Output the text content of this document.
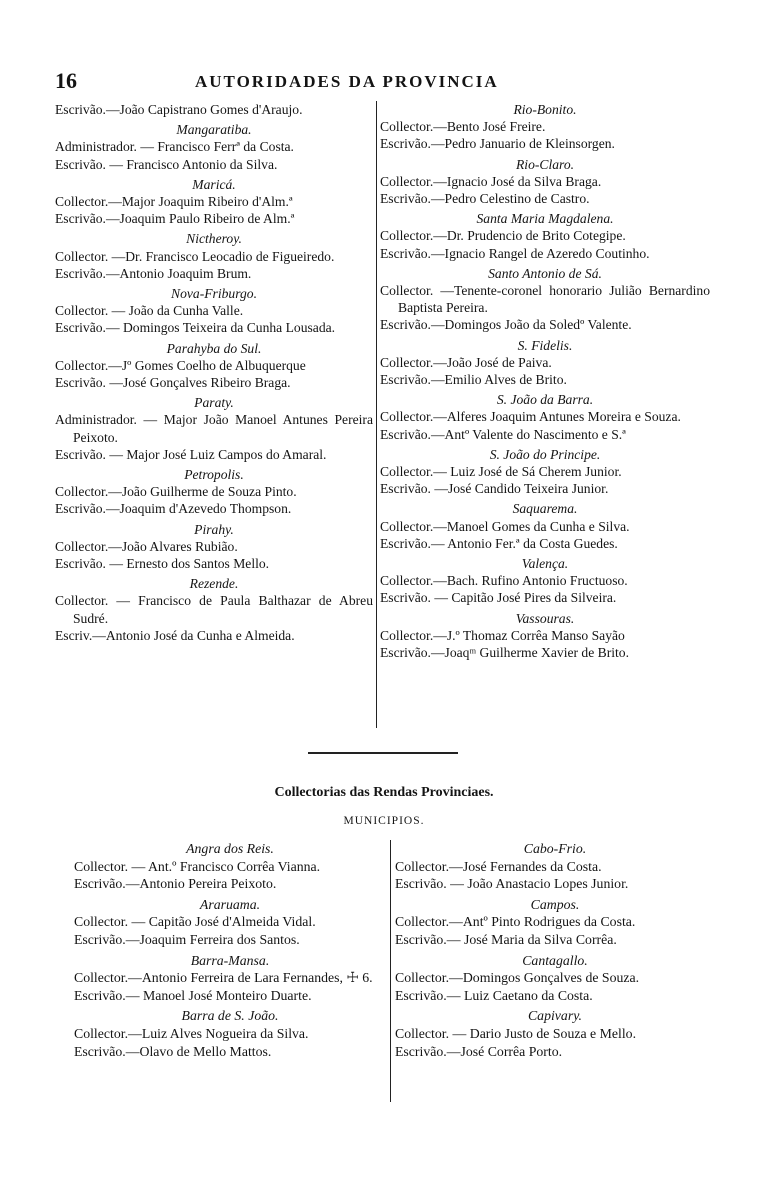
16	AUTORIDADES DA PROVINCIA
Escrivão.—João Capistrano Gomes d'Araujo.
Mangaratiba.
Administrador. — Francisco Ferrª da Costa.
Escrivão. — Francisco Antonio da Silva.
Maricá.
Collector.—Major Joaquim Ribeiro d'Alm.ª
Escrivão.—Joaquim Paulo Ribeiro de Alm.ª
Nictheroy.
Collector. —Dr. Francisco Leocadio de Figueiredo.
Escrivão.—Antonio Joaquim Brum.
Nova-Friburgo.
Collector. — João da Cunha Valle.
Escrivão.— Domingos Teixeira da Cunha Lousada.
Parahyba do Sul.
Collector.—Jº Gomes Coelho de Albuquerque
Escrivão. —José Gonçalves Ribeiro Braga.
Paraty.
Administrador. — Major João Manoel Antunes Pereira Peixoto.
Escrivão. — Major José Luiz Campos do Amaral.
Petropolis.
Collector.—João Guilherme de Souza Pinto.
Escrivão.—Joaquim d'Azevedo Thompson.
Pirahy.
Collector.—João Alvares Rubião.
Escrivão. — Ernesto dos Santos Mello.
Rezende.
Collector. — Francisco de Paula Balthazar de Abreu Sudré.
Escriv.—Antonio José da Cunha e Almeida.
Rio-Bonito.
Collector.—Bento José Freire.
Escrivão.—Pedro Januario de Kleinsorgen.
Rio-Claro.
Collector.—Ignacio José da Silva Braga.
Escrivão.—Pedro Celestino de Castro.
Santa Maria Magdalena.
Collector.—Dr. Prudencio de Brito Cotegipe.
Escrivão.—Ignacio Rangel de Azeredo Coutinho.
Santo Antonio de Sá.
Collector. —Tenente-coronel honorario Julião Bernardino Baptista Pereira.
Escrivão.—Domingos João da Soledº Valente.
S. Fidelis.
Collector.—João José de Paiva.
Escrivão.—Emilio Alves de Brito.
S. João da Barra.
Collector.—Alferes Joaquim Antunes Moreira e Souza.
Escrivão.—Antº Valente do Nascimento e S.ª
S. João do Principe.
Collector.— Luiz José de Sá Cherem Junior.
Escrivão. —José Candido Teixeira Junior.
Saquarema.
Collector.—Manoel Gomes da Cunha e Silva.
Escrivão.— Antonio Fer.ª da Costa Guedes.
Valença.
Collector.—Bach. Rufino Antonio Fructuoso.
Escrivão. — Capitão José Pires da Silveira.
Vassouras.
Collector.—J.º Thomaz Corrêa Manso Sayão
Escrivão.—Joaqᵐ Guilherme Xavier de Brito.
Collectorias das Rendas Provinciaes.
MUNICIPIOS.
Angra dos Reis.
Collector. — Ant.º Francisco Corrêa Vianna.
Escrivão.—Antonio Pereira Peixoto.
Araruama.
Collector. — Capitão José d'Almeida Vidal.
Escrivão.—Joaquim Ferreira dos Santos.
Barra-Mansa.
Collector.—Antonio Ferreira de Lara Fernandes, ☩ 6.
Escrivão.— Manoel José Monteiro Duarte.
Barra de S. João.
Collector.—Luiz Alves Nogueira da Silva.
Escrivão.—Olavo de Mello Mattos.
Cabo-Frio.
Collector.—José Fernandes da Costa.
Escrivão. — João Anastacio Lopes Junior.
Campos.
Collector.—Antº Pinto Rodrigues da Costa.
Escrivão.— José Maria da Silva Corrêa.
Cantagallo.
Collector.—Domingos Gonçalves de Souza.
Escrivão.— Luiz Caetano da Costa.
Capivary.
Collector. — Dario Justo de Souza e Mello.
Escrivão.—José Corrêa Porto.
